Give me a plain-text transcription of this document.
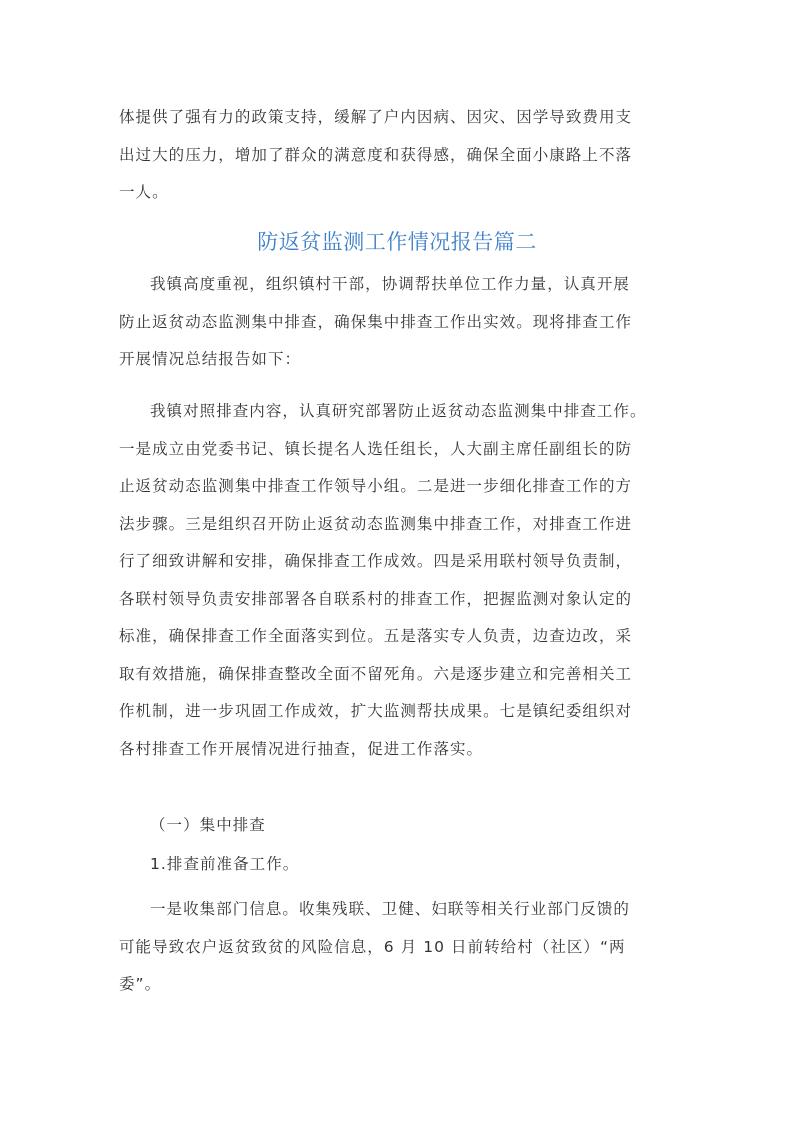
体提供了强有力的政策支持，缓解了户内因病、因灾、因学导致费用支
出过大的压力，增加了群众的满意度和获得感，确保全面小康路上不落
一人。
防返贫监测工作情况报告篇二
我镇高度重视，组织镇村干部，协调帮扶单位工作力量，认真开展
防止返贫动态监测集中排查，确保集中排查工作出实效。现将排查工作
开展情况总结报告如下：
我镇对照排查内容，认真研究部署防止返贫动态监测集中排查工作。
一是成立由党委书记、镇长提名人选任组长，人大副主席任副组长的防
止返贫动态监测集中排查工作领导小组。二是进一步细化排查工作的方
法步骤。三是组织召开防止返贫动态监测集中排查工作，对排查工作进
行了细致讲解和安排，确保排查工作成效。四是采用联村领导负责制，
各联村领导负责安排部署各自联系村的排查工作，把握监测对象认定的
标准，确保排查工作全面落实到位。五是落实专人负责，边查边改，采
取有效措施，确保排查整改全面不留死角。六是逐步建立和完善相关工
作机制，进一步巩固工作成效，扩大监测帮扶成果。七是镇纪委组织对
各村排查工作开展情况进行抽查，促进工作落实。
（一）集中排查
1.排查前准备工作。
一是收集部门信息。收集残联、卫健、妇联等相关行业部门反馈的
可能导致农户返贫致贫的风险信息，6 月 10 日前转给村（社区）“两
委”。
